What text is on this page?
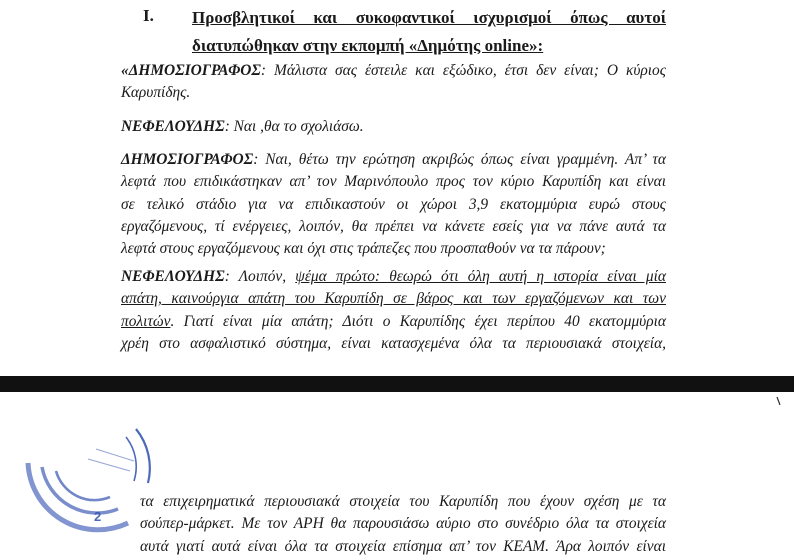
I. Προσβλητικοί και συκοφαντικοί ισχυρισμοί όπως αυτοί
διατυπώθηκαν στην εκπομπή «Δημότης online»:
«ΔΗΜΟΣΙΟΓΡΑΦΟΣ: Μάλιστα σας έστειλε και εξώδικο, έτσι δεν είναι; Ο κύριος
Καρυπίδης.
ΝΕΦΕΛΟΥΔΗΣ: Ναι ,θα το σχολιάσω.
ΔΗΜΟΣΙΟΓΡΑΦΟΣ: Ναι, θέτω την ερώτηση ακριβώς όπως είναι γραμμένη. Απ’ τα
λεφτά που επιδικάστηκαν απ’ τον Μαρινόπουλο προς τον κύριο Καρυπίδη και είναι
σε τελικό στάδιο για να επιδικαστούν οι χώροι 3,9 εκατομμύρια ευρώ στους
εργαζόμενους, τί ενέργειες, λοιπόν, θα πρέπει να κάνετε εσείς για να πάνε αυτά τα
λεφτά στους εργαζόμενους και όχι στις τράπεζες που προσπαθούν να τα πάρουν;
ΝΕΦΕΛΟΥΔΗΣ: Λοιπόν, ψέμα πρώτο: θεωρώ ότι όλη αυτή η ιστορία είναι μία
απάτη, καινούργια απάτη του Καρυπίδη σε βάρος και των εργαζόμενων και των
πολιτών. Γιατί είναι μία απάτη; Διότι ο Καρυπίδης έχει περίπου 40 εκατομμύρια
χρέη στο ασφαλιστικό σύστημα, είναι κατασχεμένα όλα τα περιουσιακά στοιχεία,
τα επιχειρηματικά περιουσιακά στοιχεία του Καρυπίδη που έχουν σχέση με τα
σούπερ-μάρκετ. Με τον ΑΡΗ θα παρουσιάσω αύριο στο συνέδριο όλα τα στοιχεία
αυτά γιατί αυτά είναι όλα τα στοιχεία επίσημα απ’ τον ΚΕΑΜ. Άρα λοιπόν είναι
2
